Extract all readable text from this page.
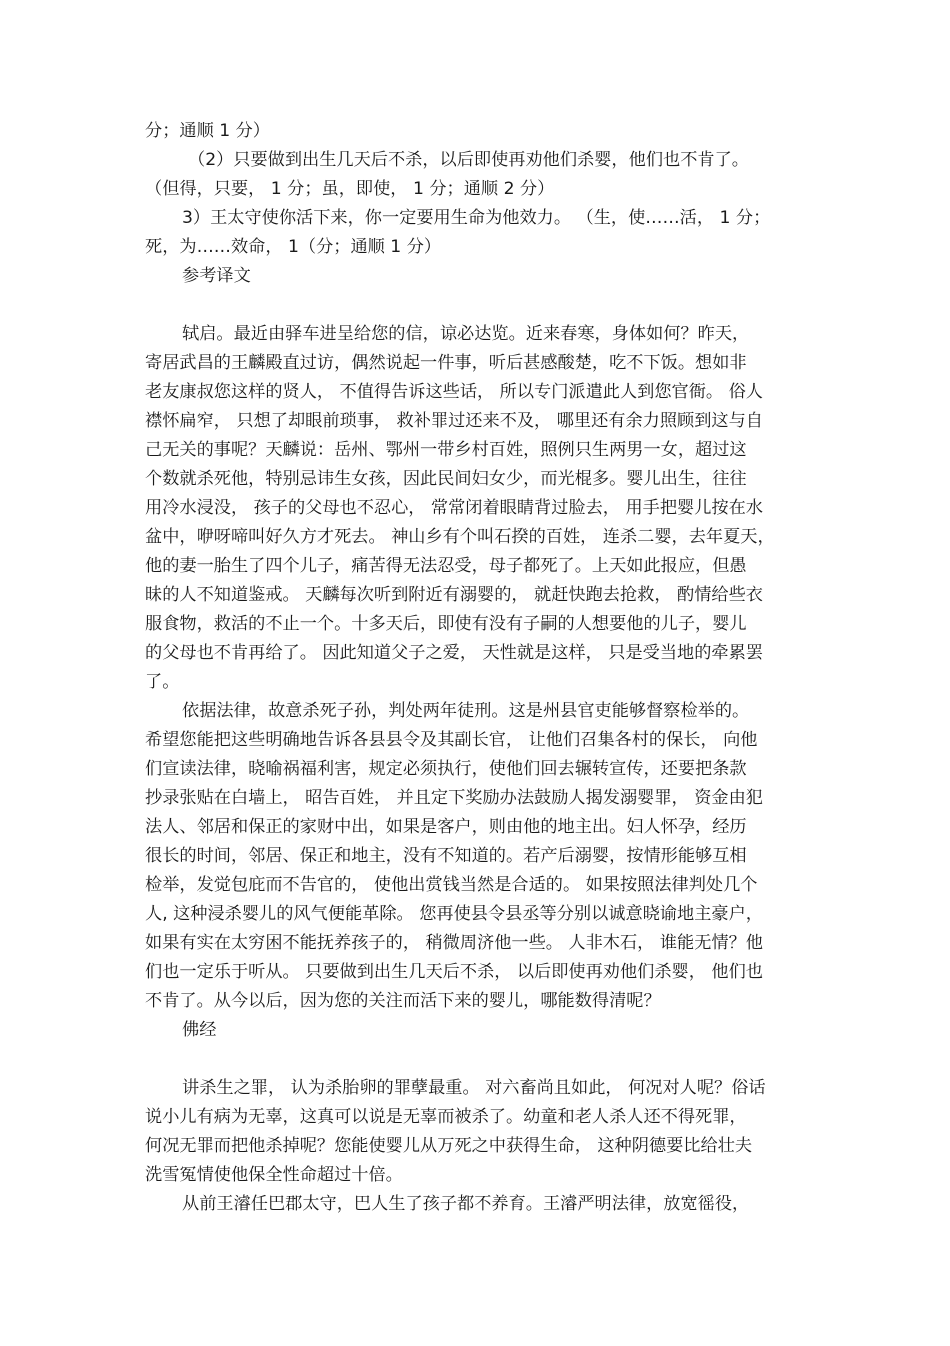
分；通顺 1 分）
（2）只要做到出生几天后不杀，以后即使再劝他们杀婴，他们也不肯了。
（但得，只要， 1 分；虽，即使， 1 分；通顺 2 分）
3）王太守使你活下来，你一定要用生命为他效力。 （生，使……活， 1 分；
死，为……效命， 1（分；通顺 1 分）
参考译文
轼启。最近由驿车进呈给您的信，谅必达览。近来春寒，身体如何？昨天，
寄居武昌的王麟殿直过访，偶然说起一件事，听后甚感酸楚，吃不下饭。想如非
老友康叔您这样的贤人， 不值得告诉这些话， 所以专门派遣此人到您官衙。 俗人
襟怀扁窄， 只想了却眼前琐事， 救补罪过还来不及， 哪里还有余力照顾到这与自
己无关的事呢？天麟说：岳州、鄂州一带乡村百姓，照例只生两男一女，超过这
个数就杀死他，特别忌讳生女孩，因此民间妇女少，而光棍多。婴儿出生，往往
用冷水浸没， 孩子的父母也不忍心， 常常闭着眼睛背过脸去， 用手把婴儿按在水
盆中，咿呀啼叫好久方才死去。 神山乡有个叫石揆的百姓， 连杀二婴，去年夏天，
他的妻一胎生了四个儿子，痛苦得无法忍受，母子都死了。上天如此报应，但愚
昧的人不知道鉴戒。 天麟每次听到附近有溺婴的， 就赶快跑去抢救， 酌情给些衣
服食物，救活的不止一个。十多天后，即使有没有子嗣的人想要他的儿子，婴儿
的父母也不肯再给了。 因此知道父子之爱， 天性就是这样， 只是受当地的牵累罢
了。
依据法律，故意杀死子孙，判处两年徒刑。这是州县官吏能够督察检举的。
希望您能把这些明确地告诉各县县令及其副长官， 让他们召集各村的保长， 向他
们宣读法律，晓喻祸福利害，规定必须执行，使他们回去辗转宣传，还要把条款
抄录张贴在白墙上， 昭告百姓， 并且定下奖励办法鼓励人揭发溺婴罪， 资金由犯
法人、邻居和保正的家财中出，如果是客户，则由他的地主出。妇人怀孕，经历
很长的时间，邻居、保正和地主，没有不知道的。若产后溺婴，按情形能够互相
检举，发觉包庇而不告官的， 使他出赏钱当然是合适的。 如果按照法律判处几个
人, 这种浸杀婴儿的风气便能革除。 您再使县令县丞等分别以诚意晓谕地主豪户，
如果有实在太穷困不能抚养孩子的， 稍微周济他一些。 人非木石， 谁能无情？他
们也一定乐于听从。 只要做到出生几天后不杀， 以后即使再劝他们杀婴， 他们也
不肯了。从今以后，因为您的关注而活下来的婴儿，哪能数得清呢？
佛经
讲杀生之罪， 认为杀胎卵的罪孽最重。 对六畜尚且如此， 何况对人呢？俗话
说小儿有病为无辜，这真可以说是无辜而被杀了。幼童和老人杀人还不得死罪，
何况无罪而把他杀掉呢？您能使婴儿从万死之中获得生命， 这种阴德要比给壮夫
洗雪冤情使他保全性命超过十倍。
从前王濬任巴郡太守，巴人生了孩子都不养育。王濬严明法律，放宽徭役，
